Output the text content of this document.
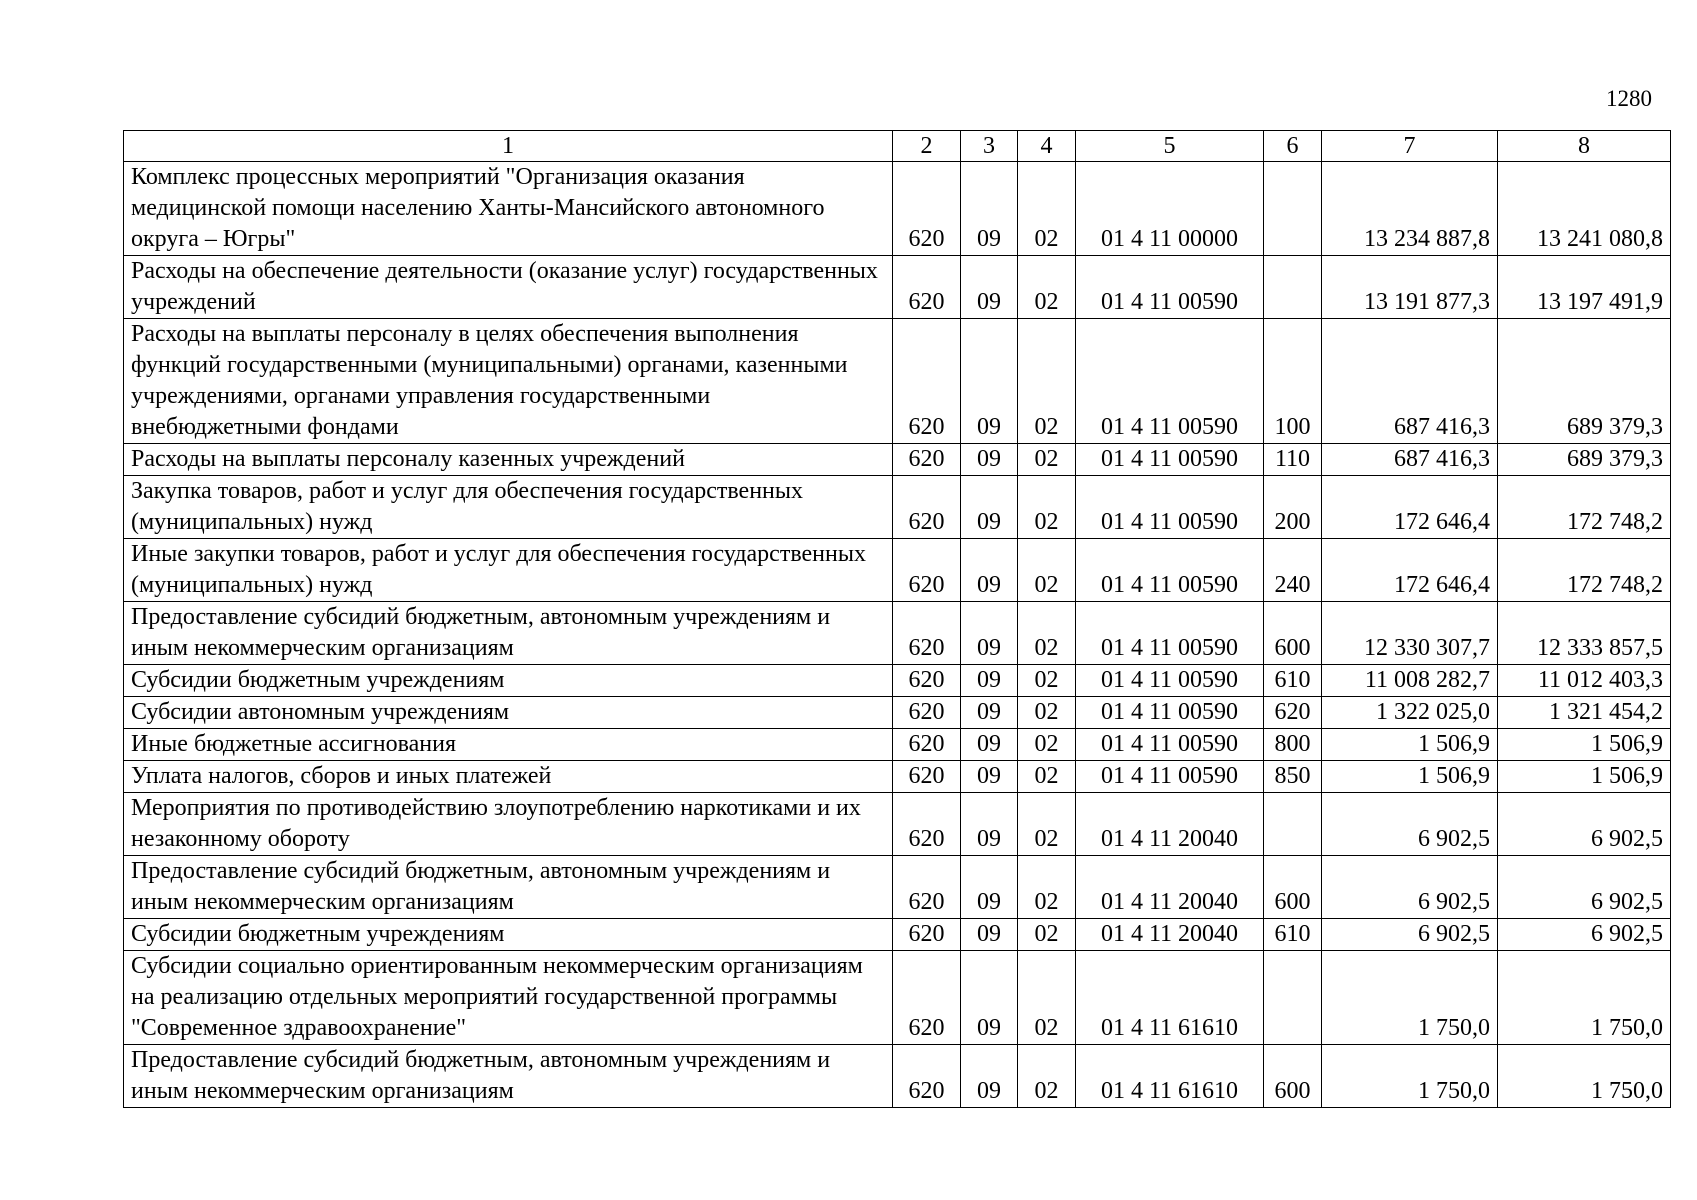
1280
1	2	3	4	5	6	7	8
Комплекс процессных мероприятий "Организация оказания медицинской помощи населению Ханты-Мансийского автономного округа – Югры"	620	09	02	01 4 11 00000		13 234 887,8	13 241 080,8
Расходы на обеспечение деятельности (оказание услуг) государственных учреждений	620	09	02	01 4 11 00590		13 191 877,3	13 197 491,9
Расходы на выплаты персоналу в целях обеспечения выполнения функций государственными (муниципальными) органами, казенными учреждениями, органами управления государственными внебюджетными фондами	620	09	02	01 4 11 00590	100	687 416,3	689 379,3
Расходы на выплаты персоналу казенных учреждений	620	09	02	01 4 11 00590	110	687 416,3	689 379,3
Закупка товаров, работ и услуг для обеспечения государственных (муниципальных) нужд	620	09	02	01 4 11 00590	200	172 646,4	172 748,2
Иные закупки товаров, работ и услуг для обеспечения государственных (муниципальных) нужд	620	09	02	01 4 11 00590	240	172 646,4	172 748,2
Предоставление субсидий бюджетным, автономным учреждениям и иным некоммерческим организациям	620	09	02	01 4 11 00590	600	12 330 307,7	12 333 857,5
Субсидии бюджетным учреждениям	620	09	02	01 4 11 00590	610	11 008 282,7	11 012 403,3
Субсидии автономным учреждениям	620	09	02	01 4 11 00590	620	1 322 025,0	1 321 454,2
Иные бюджетные ассигнования	620	09	02	01 4 11 00590	800	1 506,9	1 506,9
Уплата налогов, сборов и иных платежей	620	09	02	01 4 11 00590	850	1 506,9	1 506,9
Мероприятия по противодействию злоупотреблению наркотиками и их незаконному обороту	620	09	02	01 4 11 20040		6 902,5	6 902,5
Предоставление субсидий бюджетным, автономным учреждениям и иным некоммерческим организациям	620	09	02	01 4 11 20040	600	6 902,5	6 902,5
Субсидии бюджетным учреждениям	620	09	02	01 4 11 20040	610	6 902,5	6 902,5
Субсидии социально ориентированным некоммерческим организациям на реализацию отдельных мероприятий государственной программы "Современное здравоохранение"	620	09	02	01 4 11 61610		1 750,0	1 750,0
Предоставление субсидий бюджетным, автономным учреждениям и иным некоммерческим организациям	620	09	02	01 4 11 61610	600	1 750,0	1 750,0
